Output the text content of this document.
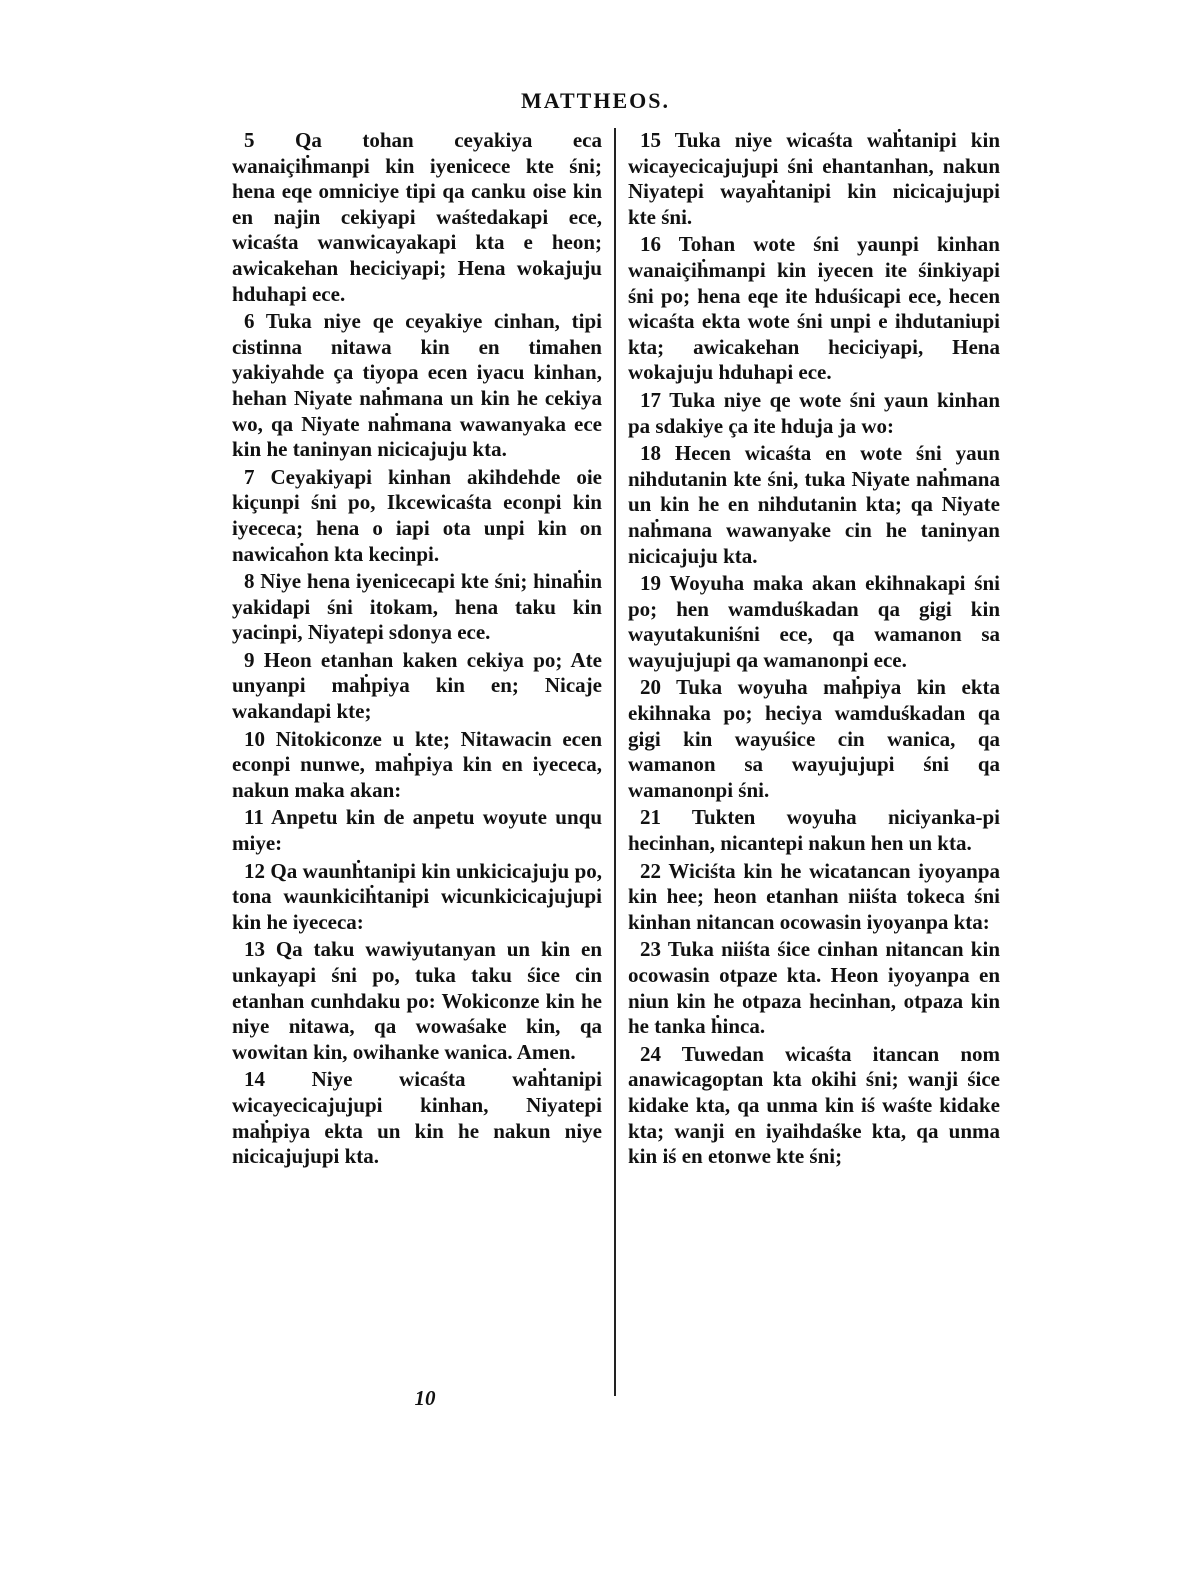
MATTHEOS.

5 Qa tohan ceyakiya eca wanaiçiḣmanpi kin iyenicece kte śni; hena eqe omniciye tipi qa canku oise kin en najin cekiyapi waśtedakapi ece, wicaśta wanwicayakapi kta e heon; awicakehan heciciyapi; Hena wokajuju hduhapi ece.

6 Tuka niye qe ceyakiye cinhan, tipi cistinna nitawa kin en timahen yakiyahde ça tiyopa ecen iyacu kinhan, hehan Niyate naḣmana un kin he cekiya wo, qa Niyate naḣmana wawanyaka ece kin he taninyan nicicajuju kta.

7 Ceyakiyapi kinhan akihdehde oie kiçunpi śni po, Ikcewicaśta econpi kin iyececa; hena o iapi ota unpi kin on nawicaḣon kta kecinpi.

8 Niye hena iyenicecapi kte śni; hinaḣin yakidapi śni itokam, hena taku kin yacinpi, Niyatepi sdonya ece.

9 Heon etanhan kaken cekiya po; Ate unyanpi maḣpiya kin en; Nicaje wakandapi kte;

10 Nitokiconze u kte; Nitawacin ecen econpi nunwe, maḣpiya kin en iyececa, nakun maka akan:

11 Anpetu kin de anpetu woyute unqu miye:

12 Qa waunḣtanipi kin unkicicajuju po, tona waunkiciḣtanipi wicunkicicajujupi kin he iyececa:

13 Qa taku wawiyutanyan un kin en unkayapi śni po, tuka taku śice cin etanhan cunhdaku po: Wokiconze kin he niye nitawa, qa wowaśake kin, qa wowitan kin, owihanke wanica. Amen.

14 Niye wicaśta waḣtanipi wicayecicajujupi kinhan, Niyatepi maḣpiya ekta un kin he nakun niye nicicajujupi kta.

15 Tuka niye wicaśta waḣtanipi kin wicayecicajujupi śni ehantanhan, nakun Niyatepi wayaḣtanipi kin nicicajujupi kte śni.

16 Tohan wote śni yaunpi kinhan wanaiçiḣmanpi kin iyecen ite śinkiyapi śni po; hena eqe ite hduśicapi ece, hecen wicaśta ekta wote śni unpi e ihdutaniupi kta; awicakehan heciciyapi, Hena wokajuju hduhapi ece.

17 Tuka niye qe wote śni yaun kinhan pa sdakiye ça ite hduja ja wo:

18 Hecen wicaśta en wote śni yaun nihdutanin kte śni, tuka Niyate naḣmana un kin he en nihdutanin kta; qa Niyate naḣmana wawanyake cin he taninyan nicicajuju kta.

19 Woyuha maka akan ekihnakapi śni po; hen wamduśkadan qa gigi kin wayutakuniśni ece, qa wamanon sa wayujujupi qa wamanonpi ece.

20 Tuka woyuha maḣpiya kin ekta ekihnaka po; heciya wamduśkadan qa gigi kin wayuśice cin wanica, qa wamanon sa wayujujupi śni qa wamanonpi śni.

21 Tukten woyuha niciyanka-pi hecinhan, nicantepi nakun hen un kta.

22 Wiciśta kin he wicatancan iyoyanpa kin hee; heon etanhan niiśta tokeca śni kinhan nitancan ocowasin iyoyanpa kta:

23 Tuka niiśta śice cinhan nitancan kin ocowasin otpaze kta. Heon iyoyanpa en niun kin he otpaza hecinhan, otpaza kin he tanka ḣinca.

24 Tuwedan wicaśta itancan nom anawicagoptan kta okihi śni; wanji śice kidake kta, qa unma kin iś waśte kidake kta; wanji en iyaihdaśke kta, qa unma kin iś en etonwe kte śni;

10
